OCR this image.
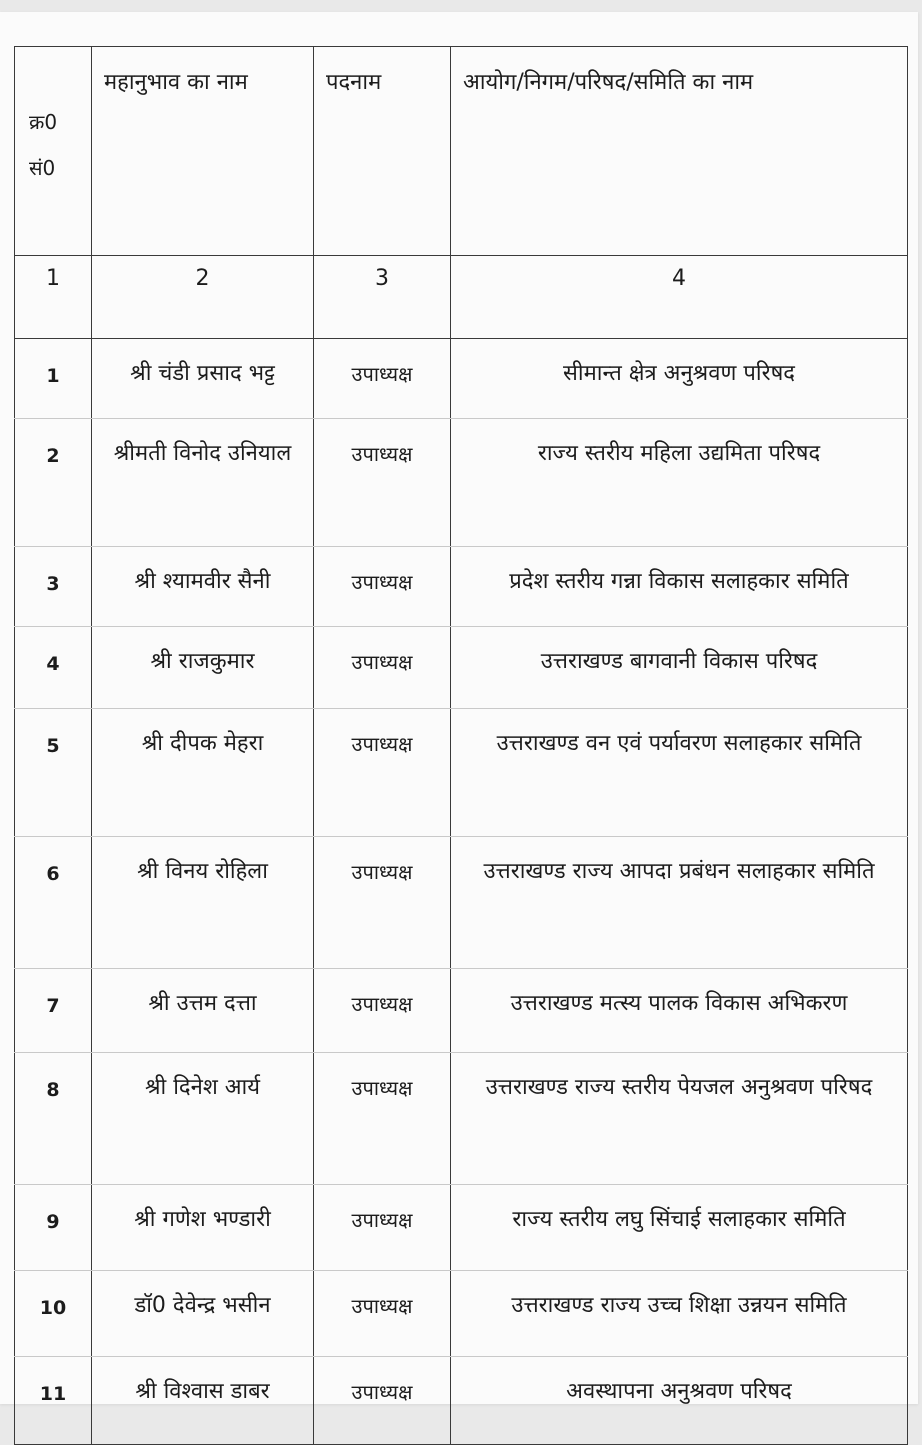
क्र0
सं0	महानुभाव का नाम	पदनाम	आयोग/निगम/परिषद/समिति का नाम
1	2	3	4
1	श्री चंडी प्रसाद भट्ट	उपाध्यक्ष	सीमान्त क्षेत्र अनुश्रवण परिषद
2	श्रीमती विनोद उनियाल	उपाध्यक्ष	राज्य स्तरीय महिला उद्यमिता परिषद
3	श्री श्यामवीर सैनी	उपाध्यक्ष	प्रदेश स्तरीय गन्ना विकास सलाहकार समिति
4	श्री राजकुमार	उपाध्यक्ष	उत्तराखण्ड बागवानी विकास परिषद
5	श्री दीपक मेहरा	उपाध्यक्ष	उत्तराखण्ड वन एवं पर्यावरण सलाहकार समिति
6	श्री विनय रोहिला	उपाध्यक्ष	उत्तराखण्ड राज्य आपदा प्रबंधन सलाहकार समिति
7	श्री उत्तम दत्ता	उपाध्यक्ष	उत्तराखण्ड मत्स्य पालक विकास अभिकरण
8	श्री दिनेश आर्य	उपाध्यक्ष	उत्तराखण्ड राज्य स्तरीय पेयजल अनुश्रवण परिषद
9	श्री गणेश भण्डारी	उपाध्यक्ष	राज्य स्तरीय लघु सिंचाई सलाहकार समिति
10	डॉ0 देवेन्द्र भसीन	उपाध्यक्ष	उत्तराखण्ड राज्य उच्च शिक्षा उन्नयन समिति
11	श्री विश्वास डाबर	उपाध्यक्ष	अवस्थापना अनुश्रवण परिषद
